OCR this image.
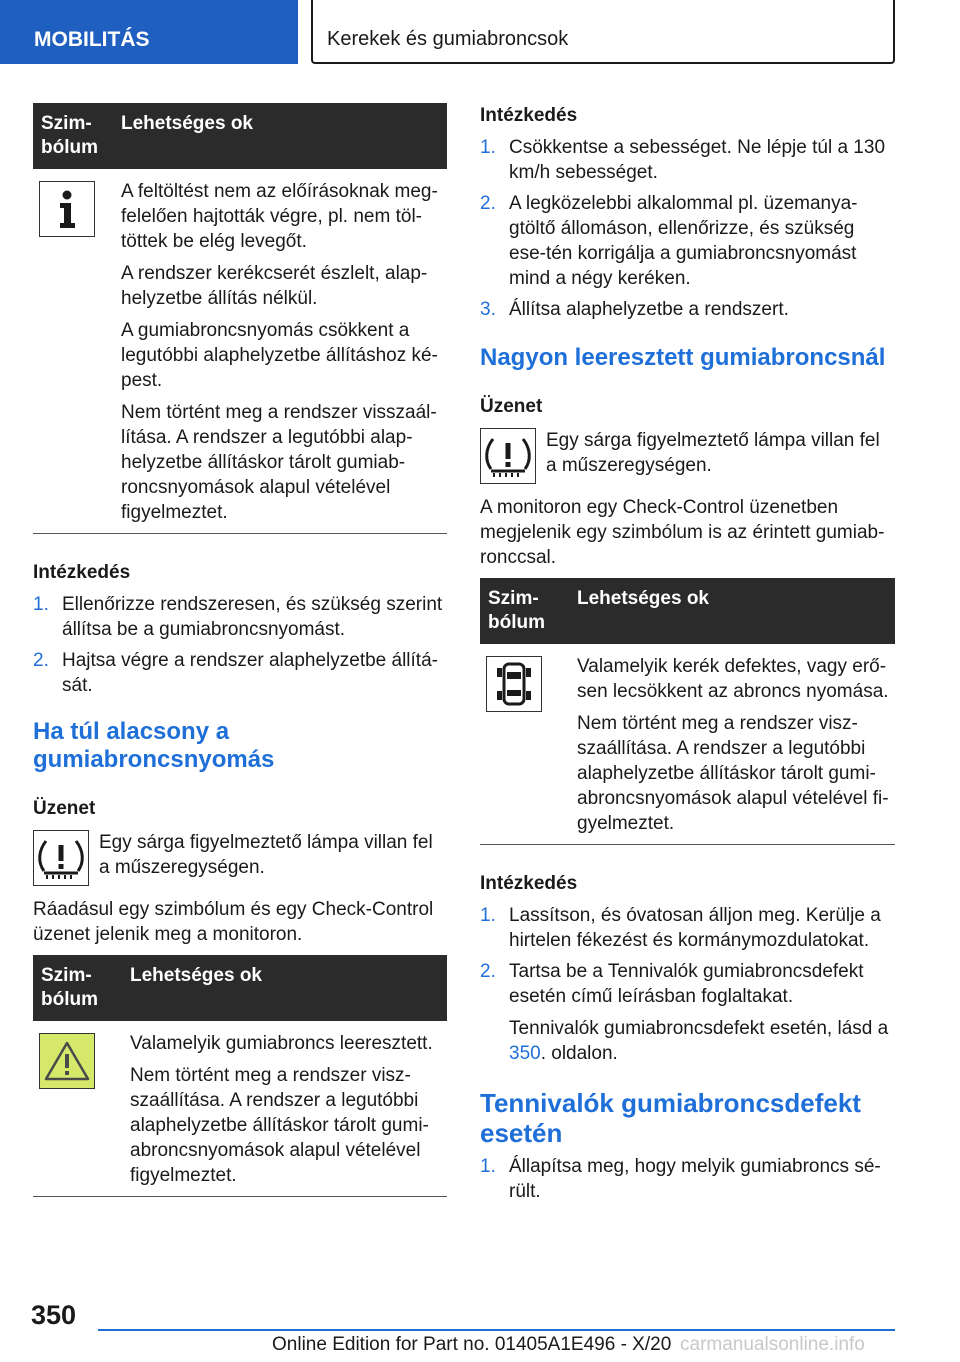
MOBILITÁS	Kerekek és gumiabroncsok
Szim-
bólum	Lehetséges ok

A feltöltést nem az előírásoknak meg-felelően hajtották végre, pl. nem töl-töttek be elég levegőt.

A rendszer kerékcserét észlelt, alap-helyzetbe állítás nélkül.

A gumiabroncsnyomás csökkent a legutóbbi alaphelyzetbe állításhoz ké-pest.

Nem történt meg a rendszer visszaál-lítása. A rendszer a legutóbbi alap-helyzetbe állításkor tárolt gumiab-roncsnyomások alapul vételével figyelmeztet.

Intézkedés
1. Ellenőrizze rendszeresen, és szükség szerint állítsa be a gumiabroncsnyomást.
2. Hajtsa végre a rendszer alaphelyzetbe állítá-sát.
Ha túl alacsony a gumiabroncsnyomás
Üzenet
Egy sárga figyelmeztető lámpa villan fel a műszeregységen.

Ráadásul egy szimbólum és egy Check-Control üzenet jelenik meg a monitoron.

Szim-
bólum	Lehetséges ok

Valamelyik gumiabroncs leeresztett.

Nem történt meg a rendszer visz-szaállítása. A rendszer a legutóbbi alaphelyzetbe állításkor tárolt gumi-abroncsnyomások alapul vételével figyelmeztet.

Intézkedés
1. Csökkentse a sebességet. Ne lépje túl a 130 km/h sebességet.
2. A legközelebbi alkalommal pl. üzemanya-gtöltő állomáson, ellenőrizze, és szükség ese-tén korrigálja a gumiabroncsnyomást mind a négy keréken.
3. Állítsa alaphelyzetbe a rendszert.
Nagyon leeresztett gumiabroncsnál
Üzenet
Egy sárga figyelmeztető lámpa villan fel a műszeregységen.

A monitoron egy Check-Control üzenetben megjelenik egy szimbólum is az érintett gumiab-ronccsal.

Szim-
bólum	Lehetséges ok

Valamelyik kerék defektes, vagy erő-sen lecsökkent az abroncs nyomása.

Nem történt meg a rendszer visz-szaállítása. A rendszer a legutóbbi alaphelyzetbe állításkor tárolt gumi-abroncsnyomások alapul vételével fi-gyelmeztet.

Intézkedés
1. Lassítson, és óvatosan álljon meg. Kerülje a hirtelen fékezést és kormánymozdulatokat.
2. Tartsa be a Tennivalók gumiabroncsdefekt esetén című leírásban foglaltakat.

Tennivalók gumiabroncsdefekt esetén, lásd a 350. oldalon.

Tennivalók gumiabroncsdefekt esetén
1. Állapítsa meg, hogy melyik gumiabroncs sé-rült.
350
Online Edition for Part no. 01405A1E496 - X/20 carmanualsonline.info
